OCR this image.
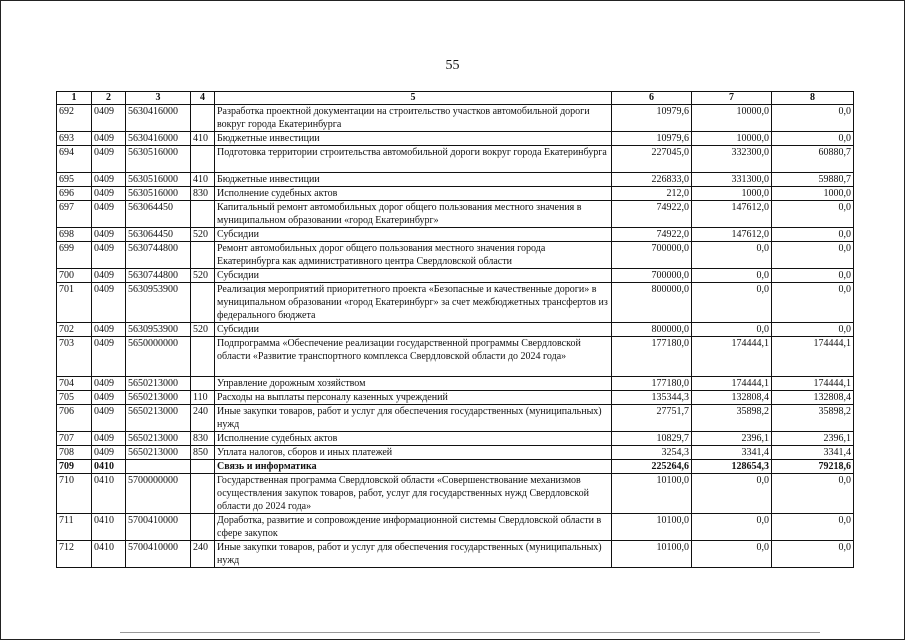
55
1	2	3	4	5	6	7	8
692	0409	5630416000		Разработка проектной документации на строительство участков автомобильной дороги вокруг города Екатеринбурга	10979,6	10000,0	0,0
693	0409	5630416000	410	Бюджетные инвестиции	10979,6	10000,0	0,0
694	0409	5630516000		Подготовка территории строительства автомобильной дороги вокруг города Екатеринбурга	227045,0	332300,0	60880,7
695	0409	5630516000	410	Бюджетные инвестиции	226833,0	331300,0	59880,7
696	0409	5630516000	830	Исполнение судебных актов	212,0	1000,0	1000,0
697	0409	563064450		Капитальный ремонт автомобильных дорог общего пользования местного значения в муниципальном образовании «город Екатеринбург»	74922,0	147612,0	0,0
698	0409	563064450	520	Субсидии	74922,0	147612,0	0,0
699	0409	5630744800		Ремонт автомобильных дорог общего пользования местного значения города Екатеринбурга как административного центра Свердловской области	700000,0	0,0	0,0
700	0409	5630744800	520	Субсидии	700000,0	0,0	0,0
701	0409	5630953900		Реализация мероприятий приоритетного проекта «Безопасные и качественные дороги» в муниципальном образовании «город Екатеринбург» за счет межбюджетных трансфертов из федерального бюджета	800000,0	0,0	0,0
702	0409	5630953900	520	Субсидии	800000,0	0,0	0,0
703	0409	5650000000		Подпрограмма «Обеспечение реализации государственной программы Свердловской области «Развитие транспортного комплекса Свердловской области до 2024 года»	177180,0	174444,1	174444,1
704	0409	5650213000		Управление дорожным хозяйством	177180,0	174444,1	174444,1
705	0409	5650213000	110	Расходы на выплаты персоналу казенных учреждений	135344,3	132808,4	132808,4
706	0409	5650213000	240	Иные закупки товаров, работ и услуг для обеспечения государственных (муниципальных) нужд	27751,7	35898,2	35898,2
707	0409	5650213000	830	Исполнение судебных актов	10829,7	2396,1	2396,1
708	0409	5650213000	850	Уплата налогов, сборов и иных платежей	3254,3	3341,4	3341,4
709	0410			Связь и информатика	225264,6	128654,3	79218,6
710	0410	5700000000		Государственная программа Свердловской области «Совершенствование механизмов осуществления закупок товаров, работ, услуг для государственных нужд Свердловской области до 2024 года»	10100,0	0,0	0,0
711	0410	5700410000		Доработка, развитие и сопровождение информационной системы Свердловской области в сфере закупок	10100,0	0,0	0,0
712	0410	5700410000	240	Иные закупки товаров, работ и услуг для обеспечения государственных (муниципальных) нужд	10100,0	0,0	0,0
